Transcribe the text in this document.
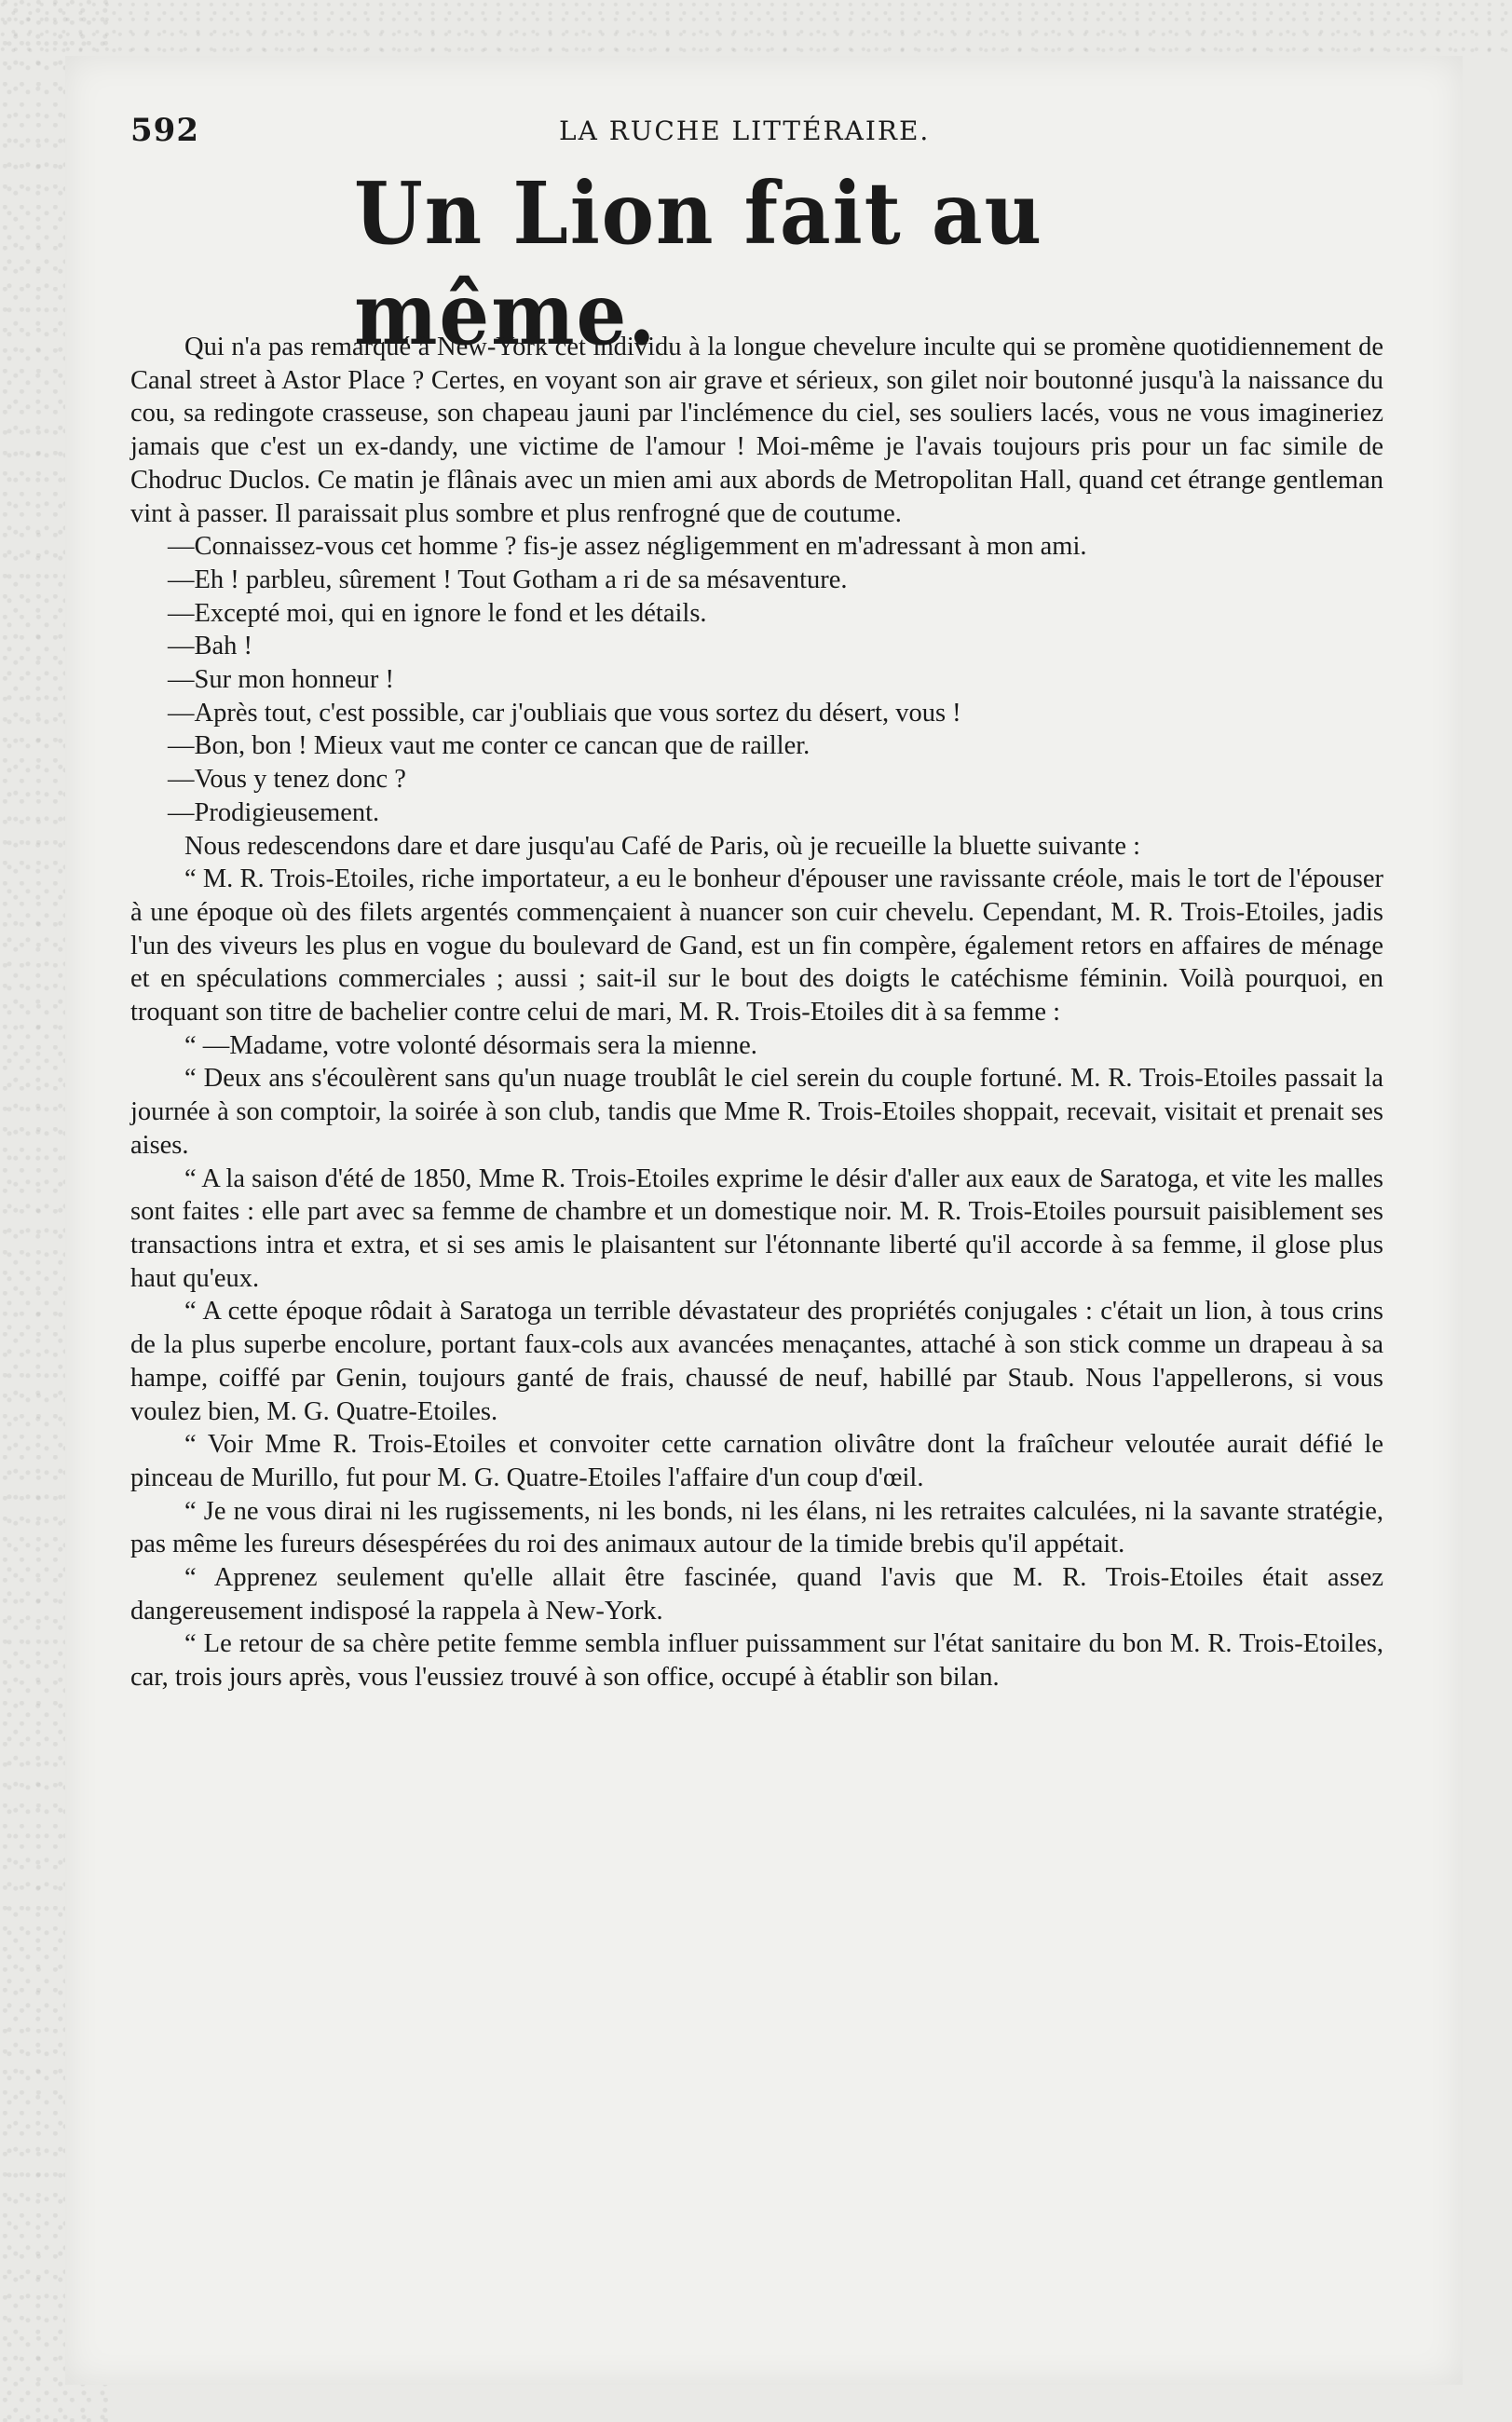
592	LA RUCHE LITTÉRAIRE.
Un Lion fait au même.

Qui n'a pas remarqué à New-York cet individu à la longue chevelure inculte qui se promène quotidiennement de Canal street à Astor Place ? Certes, en voyant son air grave et sérieux, son gilet noir boutonné jusqu'à la naissance du cou, sa redingote crasseuse, son chapeau jauni par l'inclémence du ciel, ses souliers lacés, vous ne vous imagineriez jamais que c'est un ex-dandy, une victime de l'amour ! Moi-même je l'avais toujours pris pour un fac simile de Chodruc Duclos. Ce matin je flânais avec un mien ami aux abords de Metropolitan Hall, quand cet étrange gentleman vint à passer. Il paraissait plus sombre et plus renfrogné que de coutume.

—Connaissez-vous cet homme ? fis-je assez négligemment en m'adressant à mon ami.

—Eh ! parbleu, sûrement ! Tout Gotham a ri de sa mésaventure.

—Excepté moi, qui en ignore le fond et les détails.

—Bah !

—Sur mon honneur !

—Après tout, c'est possible, car j'oubliais que vous sortez du désert, vous !

—Bon, bon ! Mieux vaut me conter ce cancan que de railler.

—Vous y tenez donc ?

—Prodigieusement.

Nous redescendons dare et dare jusqu'au Café de Paris, où je recueille la bluette suivante :

“ M. R. Trois-Etoiles, riche importateur, a eu le bonheur d'épouser une ravissante créole, mais le tort de l'épouser à une époque où des filets argentés commençaient à nuancer son cuir chevelu. Cependant, M. R. Trois-Etoiles, jadis l'un des viveurs les plus en vogue du boulevard de Gand, est un fin compère, également retors en affaires de ménage et en spéculations commerciales ; aussi ; sait-il sur le bout des doigts le catéchisme féminin. Voilà pourquoi, en troquant son titre de bachelier contre celui de mari, M. R. Trois-Etoiles dit à sa femme :

“ —Madame, votre volonté désormais sera la mienne.

“ Deux ans s'écoulèrent sans qu'un nuage troublât le ciel serein du couple fortuné. M. R. Trois-Etoiles passait la journée à son comptoir, la soirée à son club, tandis que Mme R. Trois-Etoiles shoppait, recevait, visitait et prenait ses aises.

“ A la saison d'été de 1850, Mme R. Trois-Etoiles exprime le désir d'aller aux eaux de Saratoga, et vite les malles sont faites : elle part avec sa femme de chambre et un domestique noir. M. R. Trois-Etoiles poursuit paisiblement ses transactions intra et extra, et si ses amis le plaisantent sur l'étonnante liberté qu'il accorde à sa femme, il glose plus haut qu'eux.

“ A cette époque rôdait à Saratoga un terrible dévastateur des propriétés conjugales : c'était un lion, à tous crins de la plus superbe encolure, portant faux-cols aux avancées menaçantes, attaché à son stick comme un drapeau à sa hampe, coiffé par Genin, toujours ganté de frais, chaussé de neuf, habillé par Staub. Nous l'appellerons, si vous voulez bien, M. G. Quatre-Etoiles.

“ Voir Mme R. Trois-Etoiles et convoiter cette carnation olivâtre dont la fraîcheur veloutée aurait défié le pinceau de Murillo, fut pour M. G. Quatre-Etoiles l'affaire d'un coup d'œil.

“ Je ne vous dirai ni les rugissements, ni les bonds, ni les élans, ni les retraites calculées, ni la savante stratégie, pas même les fureurs désespérées du roi des animaux autour de la timide brebis qu'il appétait.

“ Apprenez seulement qu'elle allait être fascinée, quand l'avis que M. R. Trois-Etoiles était assez dangereusement indisposé la rappela à New-York.

“ Le retour de sa chère petite femme sembla influer puissamment sur l'état sanitaire du bon M. R. Trois-Etoiles, car, trois jours après, vous l'eussiez trouvé à son office, occupé à établir son bilan.
